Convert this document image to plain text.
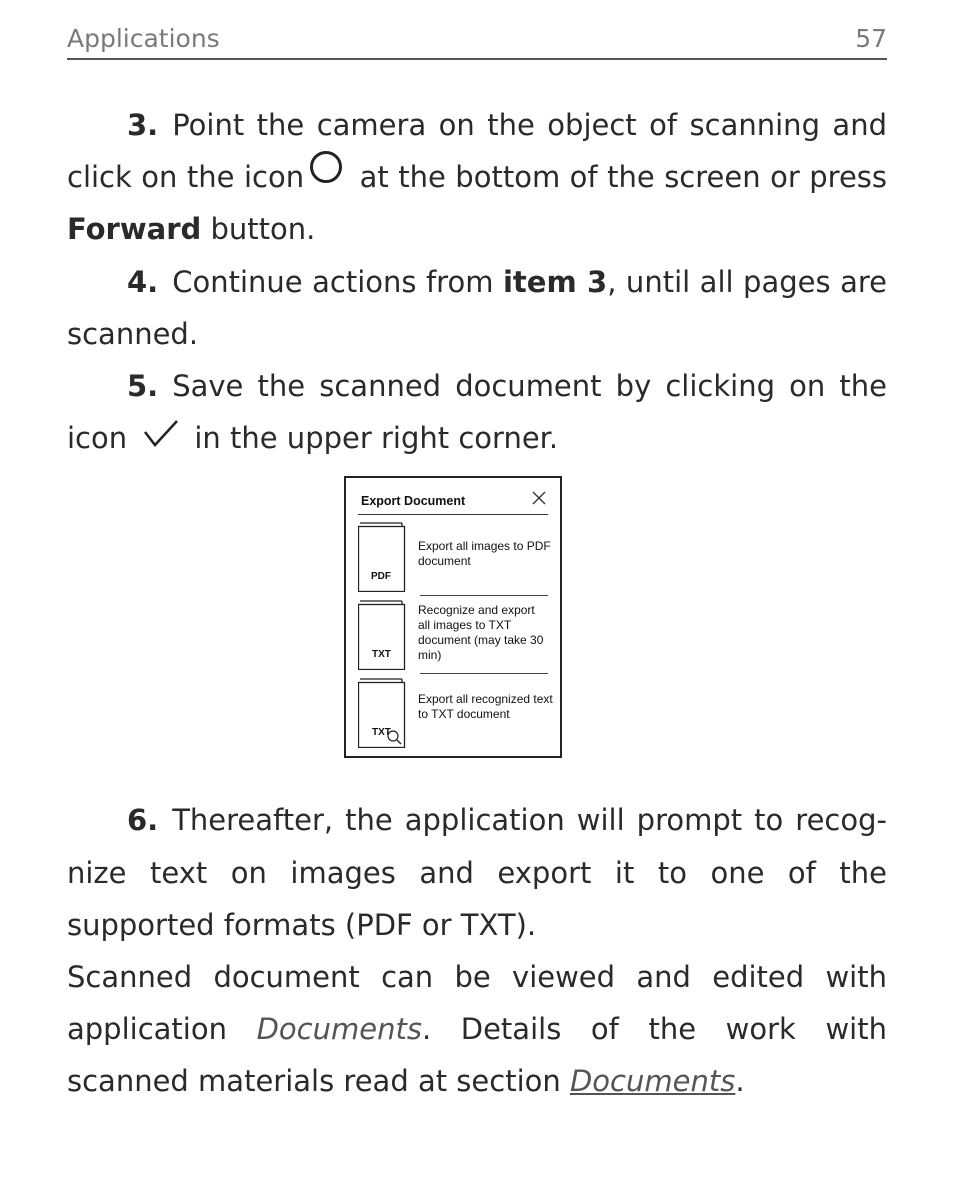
Applications	57

3. Point the camera on the object of scanning and click on the icon at the bottom of the screen or press Forward button.

4. Continue actions from item 3, until all pages are scanned.

5. Save the scanned document by clicking on the icon in the upper right corner.

Export Document
PDF
Export all images to PDF document
TXT
Recognize and export all images to TXT document (may take 30 min)
TXT
Export all recognized text to TXT document

6. Thereafter, the application will prompt to recognize text on images and export it to one of the supported formats (PDF or TXT).

Scanned document can be viewed and edited with application Documents. Details of the work with scanned materials read at section Documents.
